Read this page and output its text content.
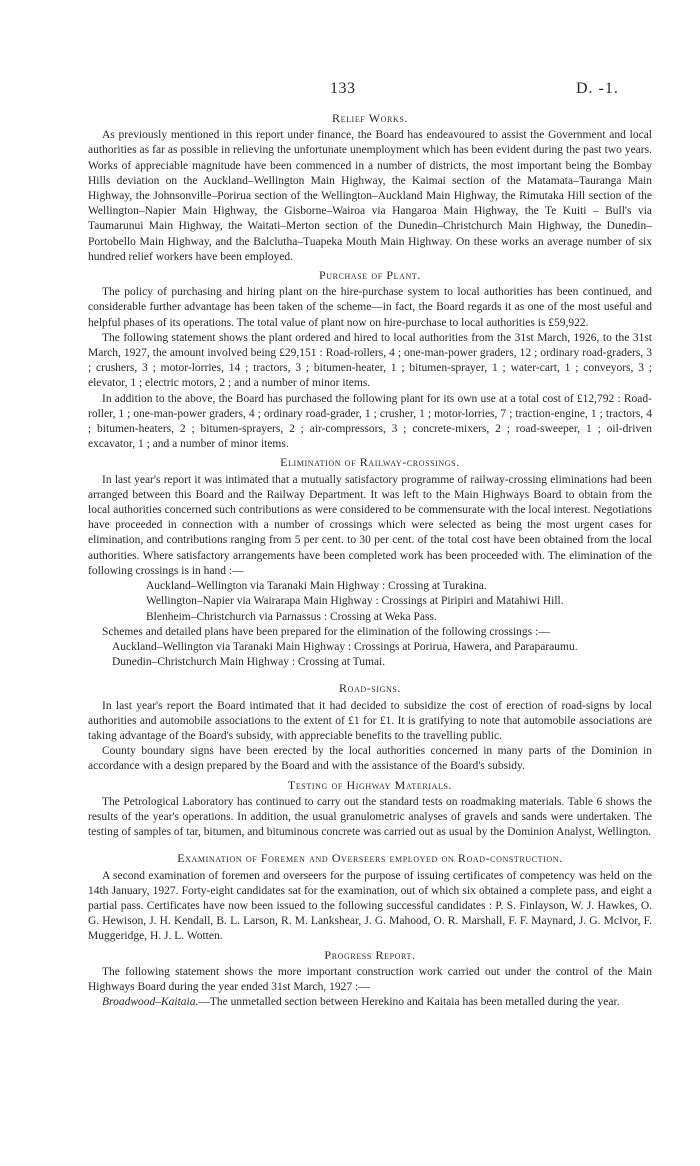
133	D. -1.
Relief Works.

As previously mentioned in this report under finance, the Board has endeavoured to assist the Government and local authorities as far as possible in relieving the unfortunate unemployment which has been evident during the past two years. Works of appreciable magnitude have been commenced in a number of districts, the most important being the Bombay Hills deviation on the Auckland–Wellington Main Highway, the Kaimai section of the Matamata–Tauranga Main Highway, the Johnsonville–Porirua section of the Wellington–Auckland Main Highway, the Rimutaka Hill section of the Wellington–Napier Main Highway, the Gisborne–Wairoa via Hangaroa Main Highway, the Te Kuiti – Bull's via Taumarunui Main Highway, the Waitati–Merton section of the Dunedin–Christchurch Main Highway, the Dunedin–Portobello Main Highway, and the Balclutha–Tuapeka Mouth Main Highway. On these works an average number of six hundred relief workers have been employed.

Purchase of Plant.

The policy of purchasing and hiring plant on the hire-purchase system to local authorities has been continued, and considerable further advantage has been taken of the scheme—in fact, the Board regards it as one of the most useful and helpful phases of its operations. The total value of plant now on hire-purchase to local authorities is £59,922.

The following statement shows the plant ordered and hired to local authorities from the 31st March, 1926, to the 31st March, 1927, the amount involved being £29,151 : Road-rollers, 4 ; one-man-power graders, 12 ; ordinary road-graders, 3 ; crushers, 3 ; motor-lorries, 14 ; tractors, 3 ; bitumen-heater, 1 ; bitumen-sprayer, 1 ; water-cart, 1 ; conveyors, 3 ; elevator, 1 ; electric motors, 2 ; and a number of minor items.

In addition to the above, the Board has purchased the following plant for its own use at a total cost of £12,792 : Road-roller, 1 ; one-man-power graders, 4 ; ordinary road-grader, 1 ; crusher, 1 ; motor-lorries, 7 ; traction-engine, 1 ; tractors, 4 ; bitumen-heaters, 2 ; bitumen-sprayers, 2 ; air-compressors, 3 ; concrete-mixers, 2 ; road-sweeper, 1 ; oil-driven excavator, 1 ; and a number of minor items.

Elimination of Railway-crossings.

In last year's report it was intimated that a mutually satisfactory programme of railway-crossing eliminations had been arranged between this Board and the Railway Department. It was left to the Main Highways Board to obtain from the local authorities concerned such contributions as were considered to be commensurate with the local interest. Negotiations have proceeded in connection with a number of crossings which were selected as being the most urgent cases for elimination, and contributions ranging from 5 per cent. to 30 per cent. of the total cost have been obtained from the local authorities. Where satisfactory arrangements have been completed work has been proceeded with. The elimination of the following crossings is in hand :—

Auckland–Wellington via Taranaki Main Highway : Crossing at Turakina.

Wellington–Napier via Wairarapa Main Highway : Crossings at Piripiri and Matahiwi Hill.

Blenheim–Christchurch via Parnassus : Crossing at Weka Pass.

Schemes and detailed plans have been prepared for the elimination of the following crossings :—

Auckland–Wellington via Taranaki Main Highway : Crossings at Porirua, Hawera, and Paraparaumu.

Dunedin–Christchurch Main Highway : Crossing at Tumai.

Road-signs.

In last year's report the Board intimated that it had decided to subsidize the cost of erection of road-signs by local authorities and automobile associations to the extent of £1 for £1. It is gratifying to note that automobile associations are taking advantage of the Board's subsidy, with appreciable benefits to the travelling public.

County boundary signs have been erected by the local authorities concerned in many parts of the Dominion in accordance with a design prepared by the Board and with the assistance of the Board's subsidy.

Testing of Highway Materials.

The Petrological Laboratory has continued to carry out the standard tests on roadmaking materials. Table 6 shows the results of the year's operations. In addition, the usual granulometric analyses of gravels and sands were undertaken. The testing of samples of tar, bitumen, and bituminous concrete was carried out as usual by the Dominion Analyst, Wellington.

Examination of Foremen and Overseers employed on Road-construction.

A second examination of foremen and overseers for the purpose of issuing certificates of competency was held on the 14th January, 1927. Forty-eight candidates sat for the examination, out of which six obtained a complete pass, and eight a partial pass. Certificates have now been issued to the following successful candidates : P. S. Finlayson, W. J. Hawkes, O. G. Hewison, J. H. Kendall, B. L. Larson, R. M. Lankshear, J. G. Mahood, O. R. Marshall, F. F. Maynard, J. G. McIvor, F. Muggeridge, H. J. L. Wotten.

Progress Report.

The following statement shows the more important construction work carried out under the control of the Main Highways Board during the year ended 31st March, 1927 :—

Broadwood–Kaitaia.—The unmetalled section between Herekino and Kaitaia has been metalled during the year.
